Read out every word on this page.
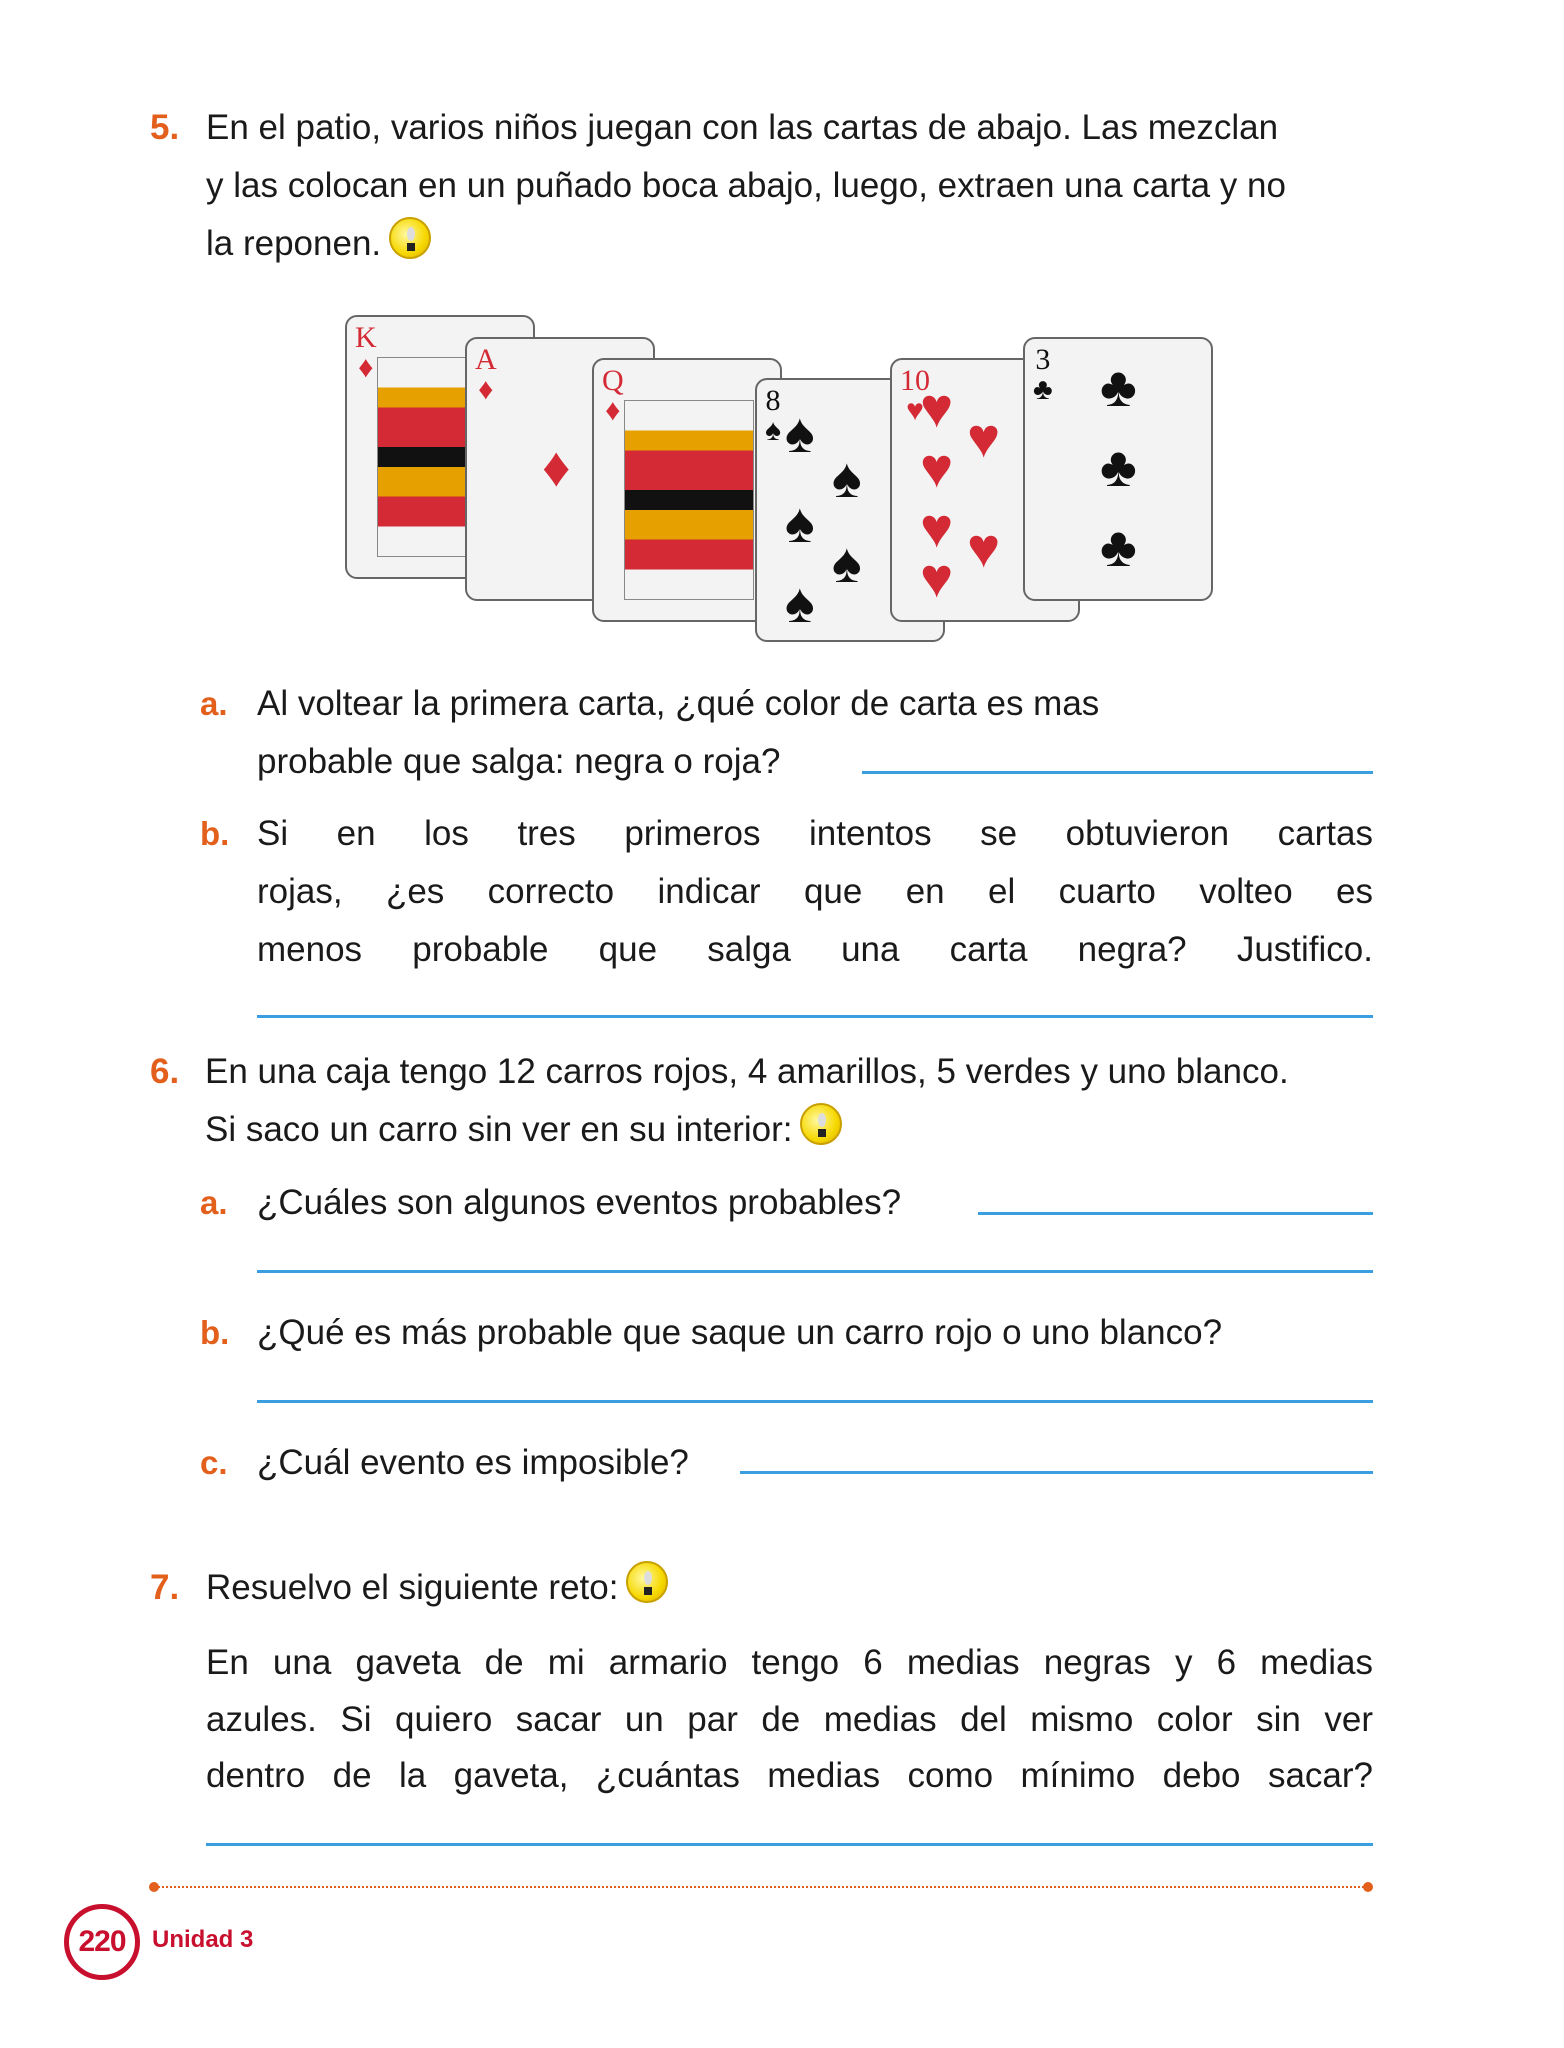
5. En el patio, varios niños juegan con las cartas de abajo. Las mezclan
y las colocan en un puñado boca abajo, luego, extraen una carta y no
la reponen.
K
♦	A
♦
♦
Q
♦	8
♠ ♠
♠
♠
♠
♠
10
♥
♥ ♥
♥
♥ ♥
♥
3
♣ ♣
♣
♣
a. Al voltear la primera carta, ¿qué color de carta es mas
probable que salga: negra o roja?
b. Si en los tres primeros intentos se obtuvieron cartas
rojas, ¿es correcto indicar que en el cuarto volteo es
menos probable que salga una carta negra? Justifico.
6. En una caja tengo 12 carros rojos, 4 amarillos, 5 verdes y uno blanco.
Si saco un carro sin ver en su interior:
a. ¿Cuáles son algunos eventos probables?
b. ¿Qué es más probable que saque un carro rojo o uno blanco?
c. ¿Cuál evento es imposible?
7. Resuelvo el siguiente reto:
En una gaveta de mi armario tengo 6 medias negras y 6 medias
azules. Si quiero sacar un par de medias del mismo color sin ver
dentro de la gaveta, ¿cuántas medias como mínimo debo sacar?
220	Unidad 3
